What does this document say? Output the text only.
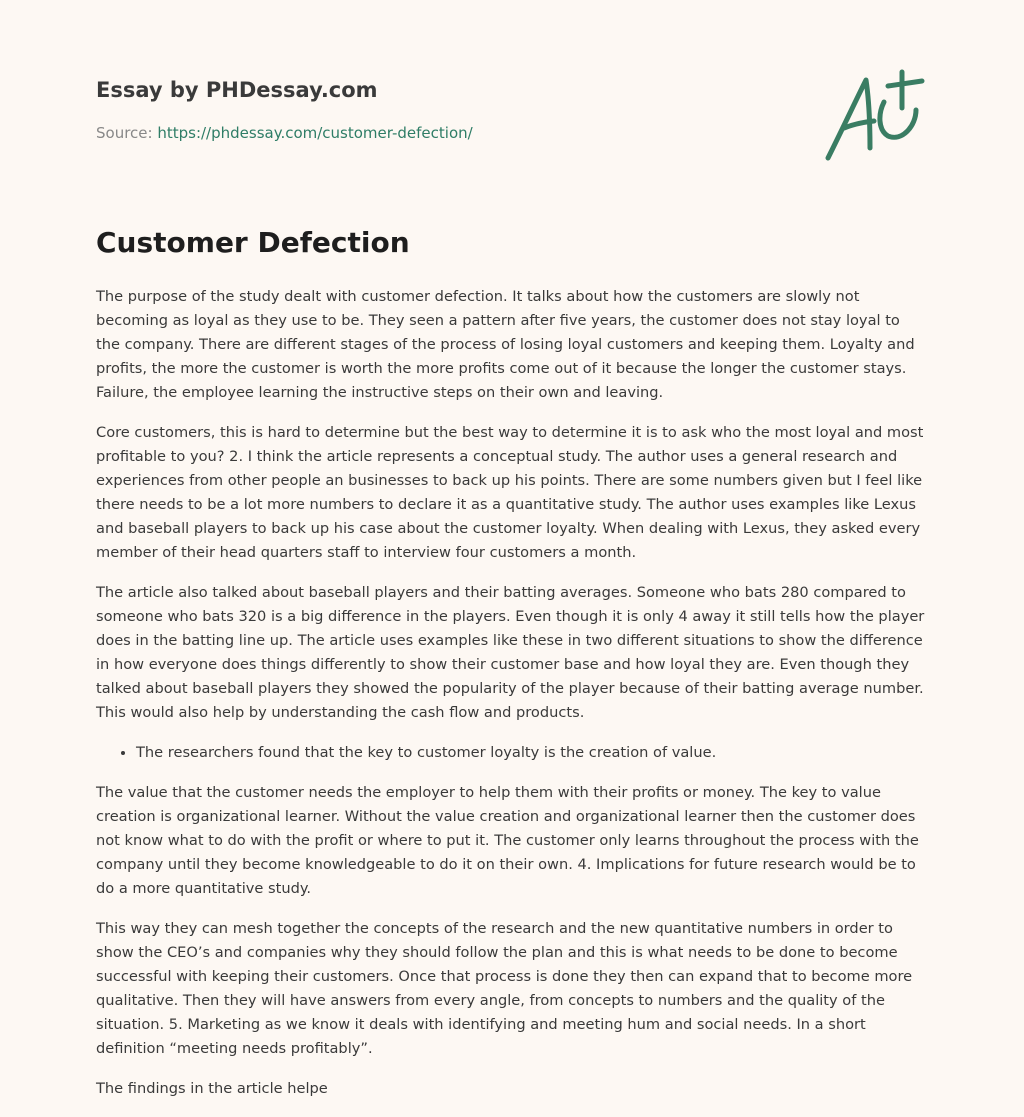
Essay by PHDessay.com
Source: https://phdessay.com/customer-defection/
Customer Defection

The purpose of the study dealt with customer defection. It talks about how the customers are slowly not becoming as loyal as they use to be. They seen a pattern after five years, the customer does not stay loyal to the company. There are different stages of the process of losing loyal customers and keeping them. Loyalty and profits, the more the customer is worth the more profits come out of it because the longer the customer stays. Failure, the employee learning the instructive steps on their own and leaving.

Core customers, this is hard to determine but the best way to determine it is to ask who the most loyal and most profitable to you? 2. I think the article represents a conceptual study. The author uses a general research and experiences from other people an businesses to back up his points. There are some numbers given but I feel like there needs to be a lot more numbers to declare it as a quantitative study. The author uses examples like Lexus and baseball players to back up his case about the customer loyalty. When dealing with Lexus, they asked every member of their head quarters staff to interview four customers a month.

The article also talked about baseball players and their batting averages. Someone who bats 280 compared to someone who bats 320 is a big difference in the players. Even though it is only 4 away it still tells how the player does in the batting line up. The article uses examples like these in two different situations to show the difference in how everyone does things differently to show their customer base and how loyal they are. Even though they talked about baseball players they showed the popularity of the player because of their batting average number. This would also help by understanding the cash flow and products.

• The researchers found that the key to customer loyalty is the creation of value.

The value that the customer needs the employer to help them with their profits or money. The key to value creation is organizational learner. Without the value creation and organizational learner then the customer does not know what to do with the profit or where to put it. The customer only learns throughout the process with the company until they become knowledgeable to do it on their own. 4. Implications for future research would be to do a more quantitative study.

This way they can mesh together the concepts of the research and the new quantitative numbers in order to show the CEO’s and companies why they should follow the plan and this is what needs to be done to become successful with keeping their customers. Once that process is done they then can expand that to become more qualitative. Then they will have answers from every angle, from concepts to numbers and the quality of the situation. 5. Marketing as we know it deals with identifying and meeting hum and social needs. In a short definition “meeting needs profitably”.

The findings in the article helpe
